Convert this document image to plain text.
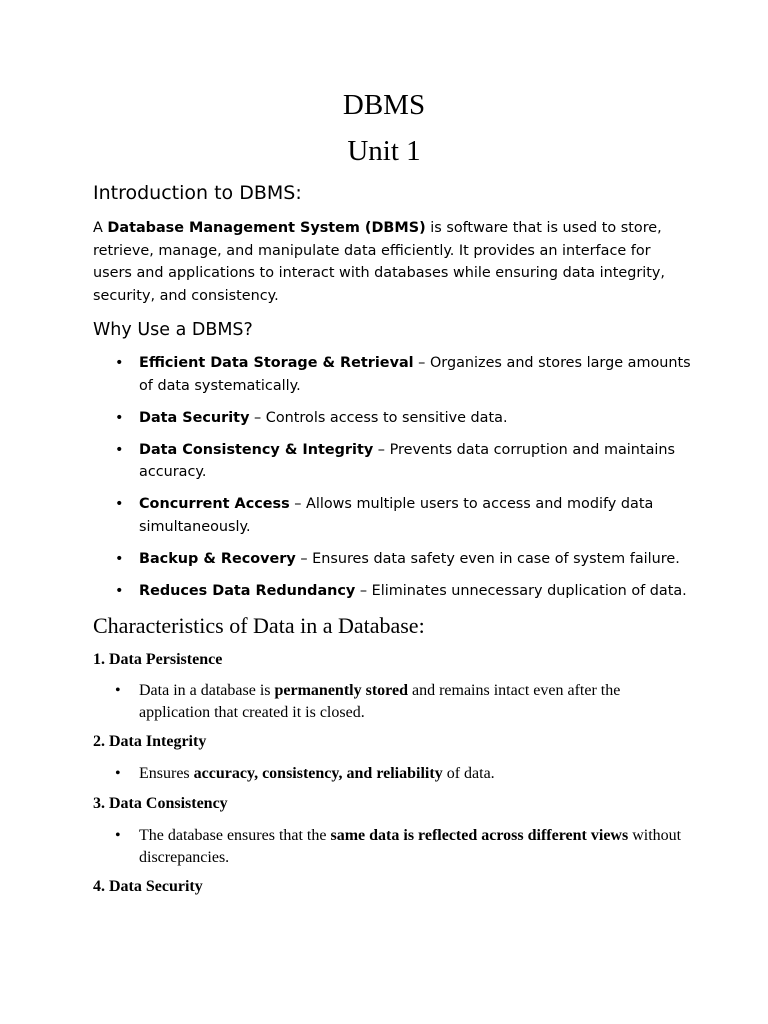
DBMS
Unit 1
Introduction to DBMS:

A Database Management System (DBMS) is software that is used to store, retrieve, manage, and manipulate data efficiently. It provides an interface for users and applications to interact with databases while ensuring data integrity, security, and consistency.

Why Use a DBMS?
• Efficient Data Storage & Retrieval – Organizes and stores large amounts of data systematically.
• Data Security – Controls access to sensitive data.
• Data Consistency & Integrity – Prevents data corruption and maintains accuracy.
• Concurrent Access – Allows multiple users to access and modify data simultaneously.
• Backup & Recovery – Ensures data safety even in case of system failure.
• Reduces Data Redundancy – Eliminates unnecessary duplication of data.
Characteristics of Data in a Database:
1. Data Persistence
• Data in a database is permanently stored and remains intact even after the application that created it is closed.
2. Data Integrity
• Ensures accuracy, consistency, and reliability of data.
3. Data Consistency
• The database ensures that the same data is reflected across different views without discrepancies.
4. Data Security
